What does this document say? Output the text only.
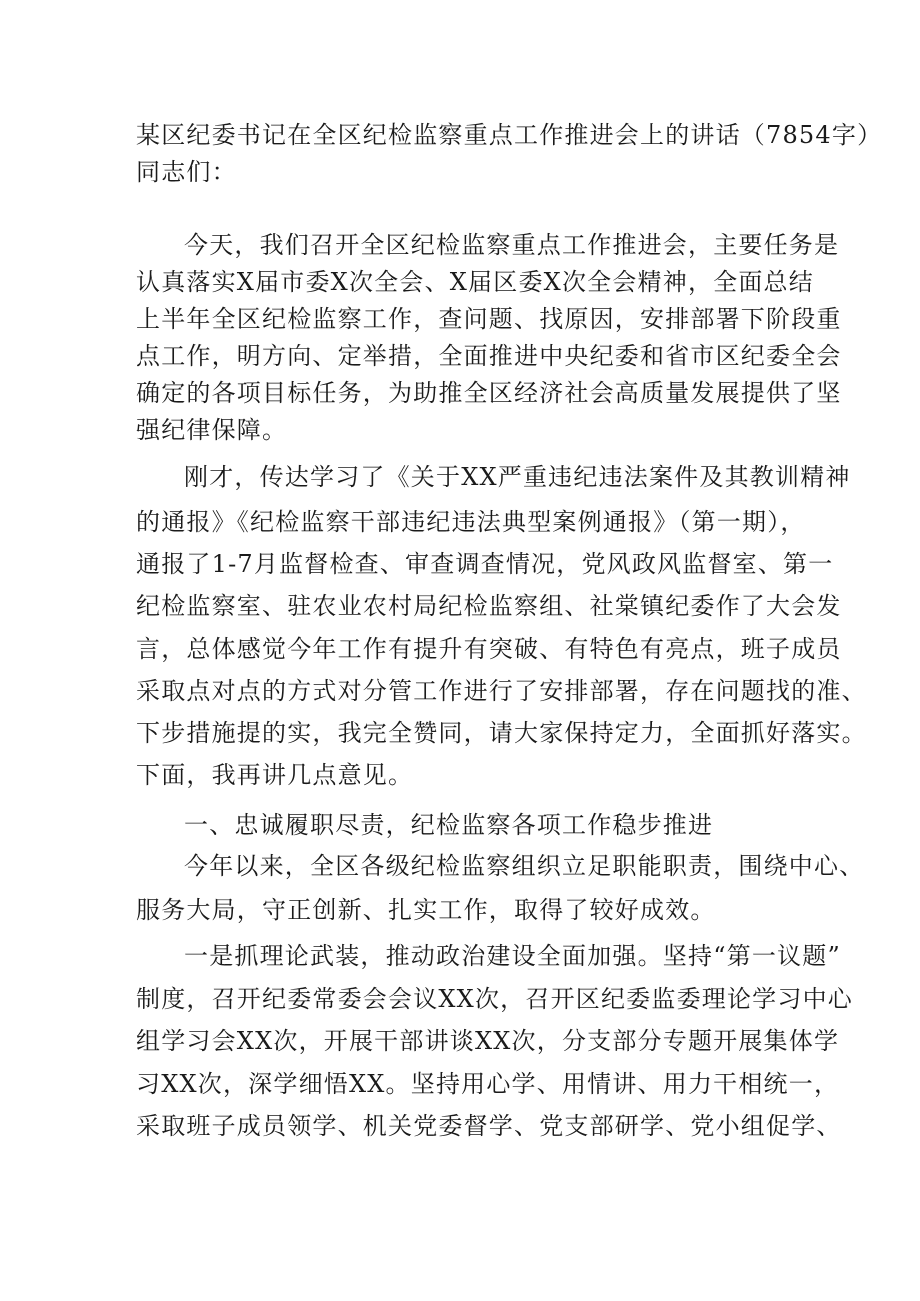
某区纪委书记在全区纪检监察重点工作推进会上的讲话（7854字）
同志们：
今天，我们召开全区纪检监察重点工作推进会，主要任务是
认真落实X届市委X次全会、X届区委X次全会精神，全面总结
上半年全区纪检监察工作，查问题、找原因，安排部署下阶段重
点工作，明方向、定举措，全面推进中央纪委和省市区纪委全会
确定的各项目标任务，为助推全区经济社会高质量发展提供了坚
强纪律保障。
刚才，传达学习了《关于XX严重违纪违法案件及其教训精神
的通报》《纪检监察干部违纪违法典型案例通报》（第一期），
通报了1-7月监督检查、审查调查情况，党风政风监督室、第一
纪检监察室、驻农业农村局纪检监察组、社棠镇纪委作了大会发
言，总体感觉今年工作有提升有突破、有特色有亮点，班子成员
采取点对点的方式对分管工作进行了安排部署，存在问题找的准、
下步措施提的实，我完全赞同，请大家保持定力，全面抓好落实。
下面，我再讲几点意见。
一、忠诚履职尽责，纪检监察各项工作稳步推进
今年以来，全区各级纪检监察组织立足职能职责，围绕中心、
服务大局，守正创新、扎实工作，取得了较好成效。
一是抓理论武装，推动政治建设全面加强。坚持“第一议题”
制度，召开纪委常委会会议XX次，召开区纪委监委理论学习中心
组学习会XX次，开展干部讲谈XX次，分支部分专题开展集体学
习XX次，深学细悟XX。坚持用心学、用情讲、用力干相统一，
采取班子成员领学、机关党委督学、党支部研学、党小组促学、
